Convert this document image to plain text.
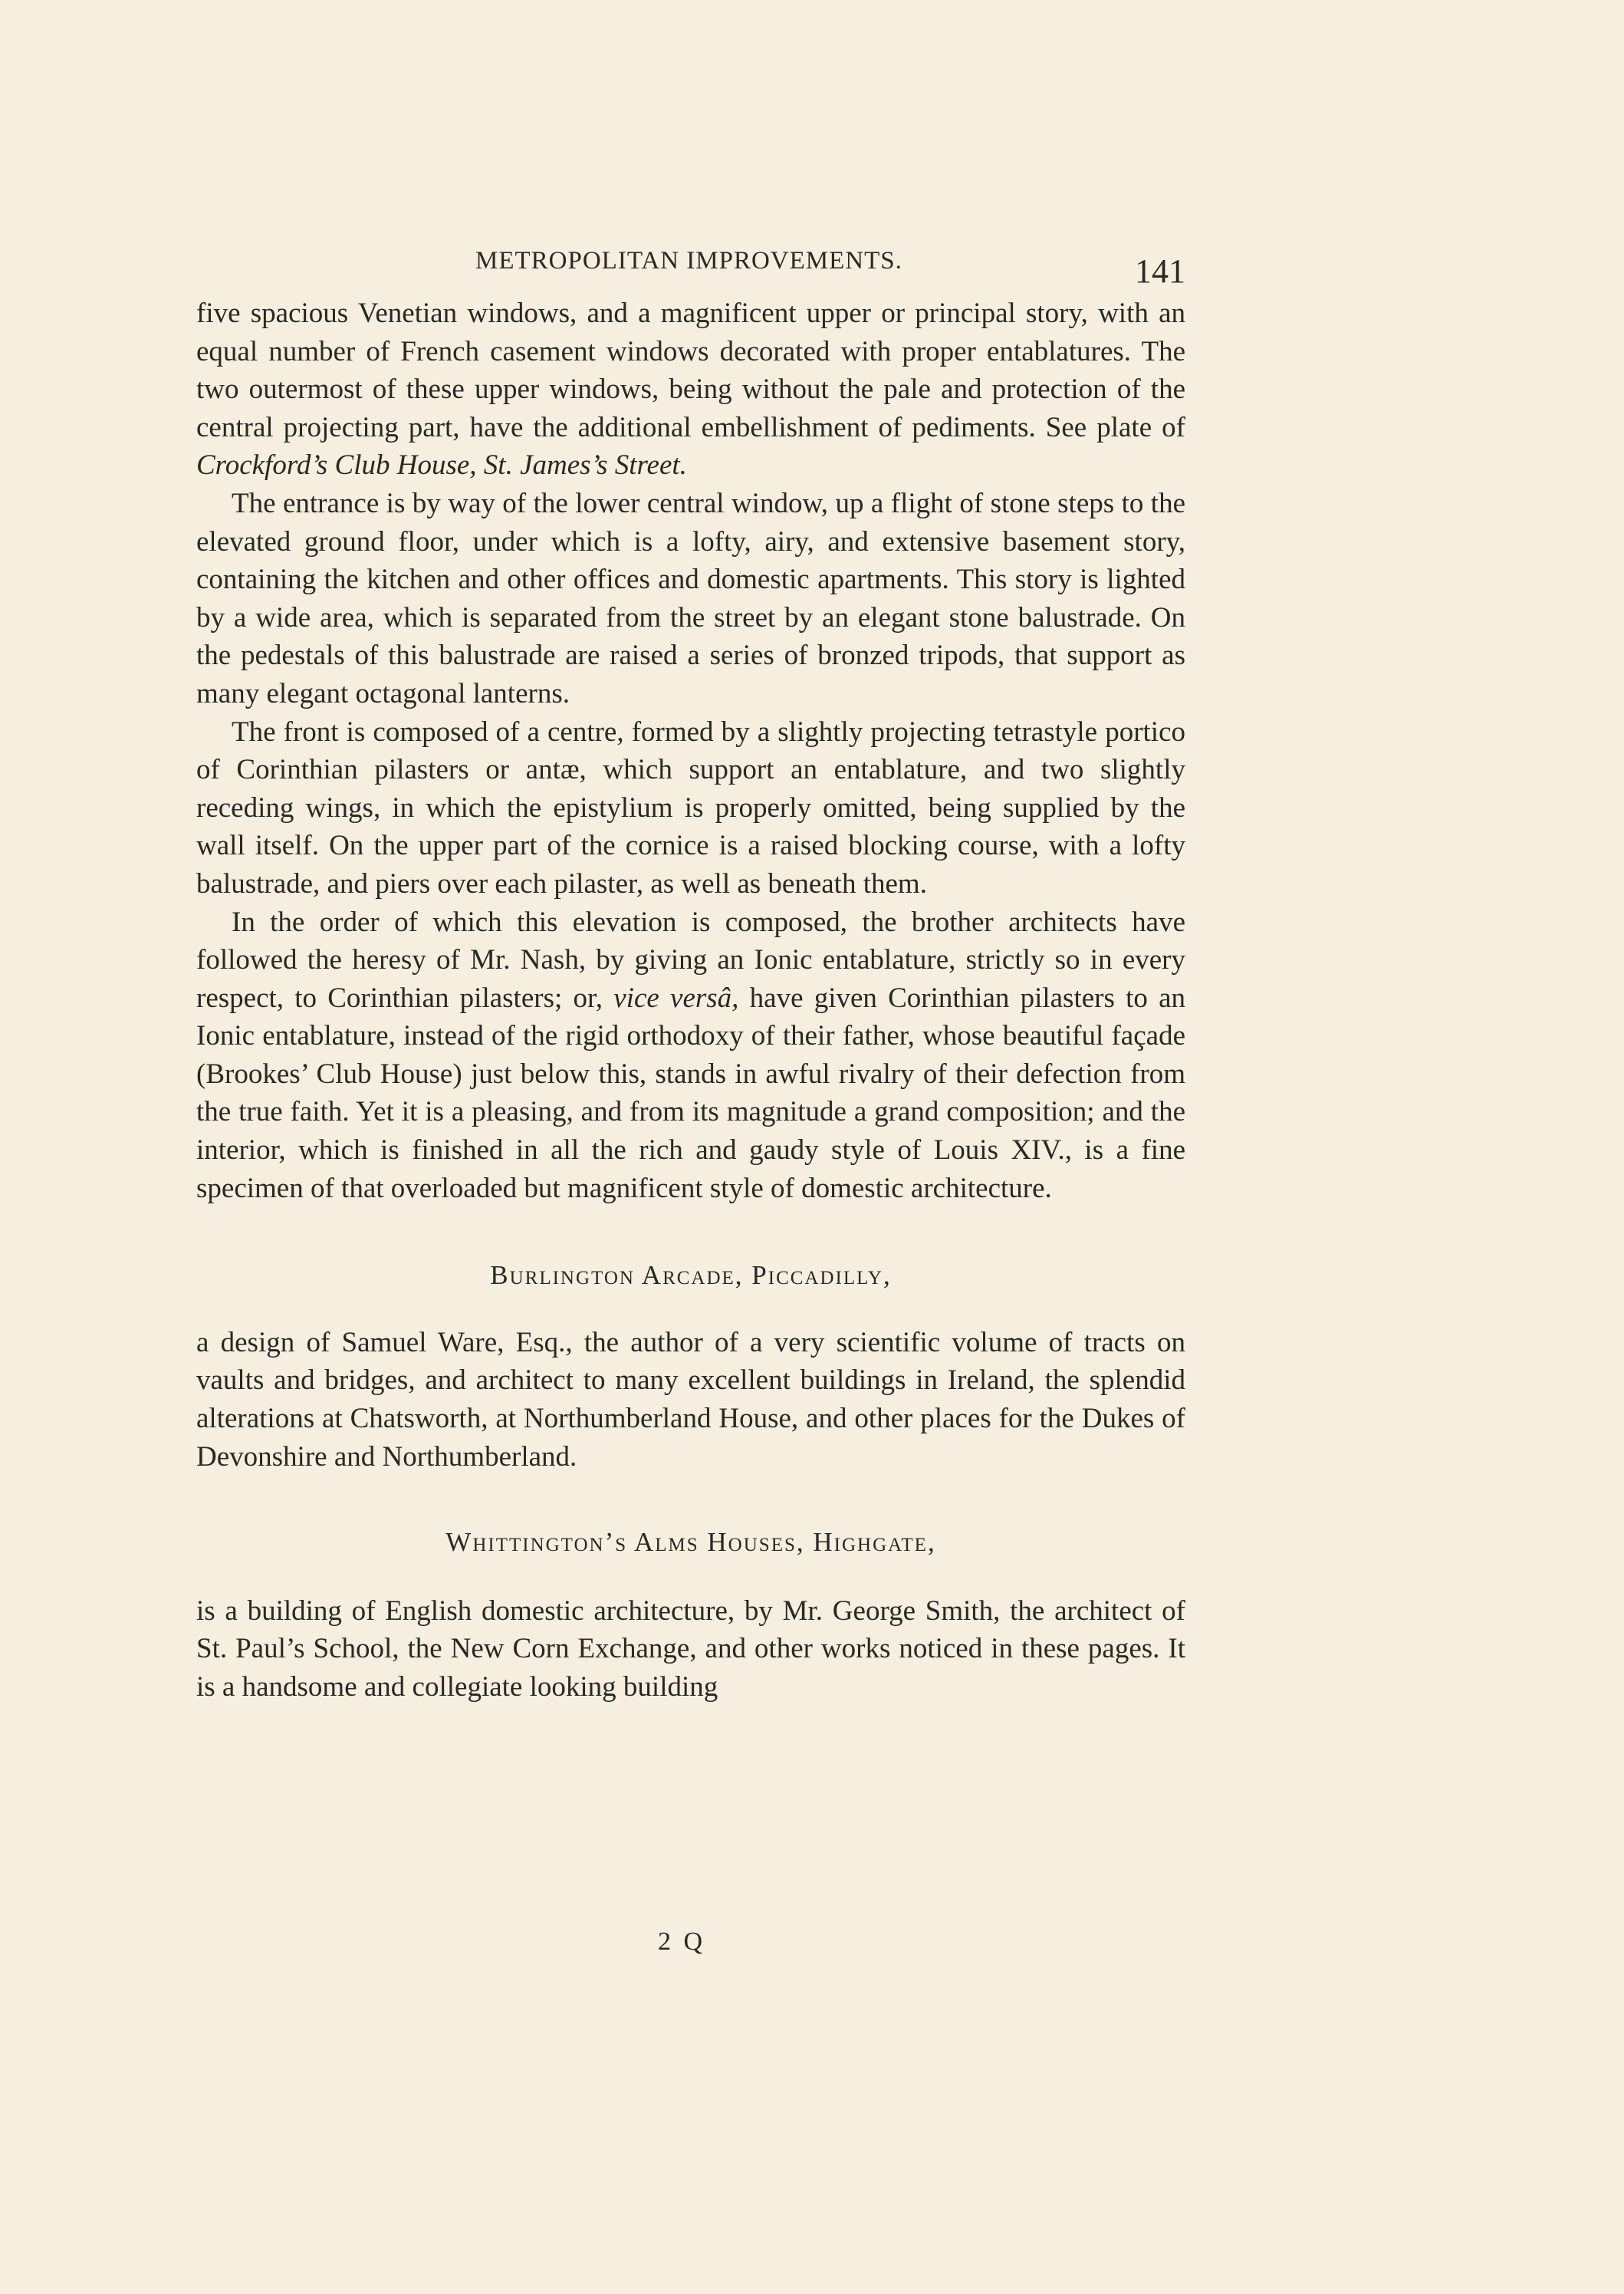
METROPOLITAN IMPROVEMENTS.	141

five spacious Venetian windows, and a magnificent upper or principal story, with an equal number of French casement windows decorated with proper entablatures. The two outermost of these upper windows, being without the pale and protection of the central projecting part, have the additional embellishment of pediments. See plate of Crockford’s Club House, St. James’s Street.

The entrance is by way of the lower central window, up a flight of stone steps to the elevated ground floor, under which is a lofty, airy, and extensive basement story, containing the kitchen and other offices and domestic apartments. This story is lighted by a wide area, which is separated from the street by an elegant stone balustrade. On the pedestals of this balustrade are raised a series of bronzed tripods, that support as many elegant octagonal lanterns.

The front is composed of a centre, formed by a slightly projecting tetrastyle portico of Corinthian pilasters or antæ, which support an entablature, and two slightly receding wings, in which the epistylium is properly omitted, being supplied by the wall itself. On the upper part of the cornice is a raised blocking course, with a lofty balustrade, and piers over each pilaster, as well as beneath them.

In the order of which this elevation is composed, the brother architects have followed the heresy of Mr. Nash, by giving an Ionic entablature, strictly so in every respect, to Corinthian pilasters; or, vice versâ, have given Corinthian pilasters to an Ionic entablature, instead of the rigid orthodoxy of their father, whose beautiful façade (Brookes’ Club House) just below this, stands in awful rivalry of their defection from the true faith. Yet it is a pleasing, and from its magnitude a grand composition; and the interior, which is finished in all the rich and gaudy style of Louis XIV., is a fine specimen of that overloaded but magnificent style of domestic architecture.

Burlington Arcade, Piccadilly,

a design of Samuel Ware, Esq., the author of a very scientific volume of tracts on vaults and bridges, and architect to many excellent buildings in Ireland, the splendid alterations at Chatsworth, at Northumberland House, and other places for the Dukes of Devonshire and Northumberland.

Whittington’s Alms Houses, Highgate,

is a building of English domestic architecture, by Mr. George Smith, the architect of St. Paul’s School, the New Corn Exchange, and other works noticed in these pages. It is a handsome and collegiate looking building

2 Q
